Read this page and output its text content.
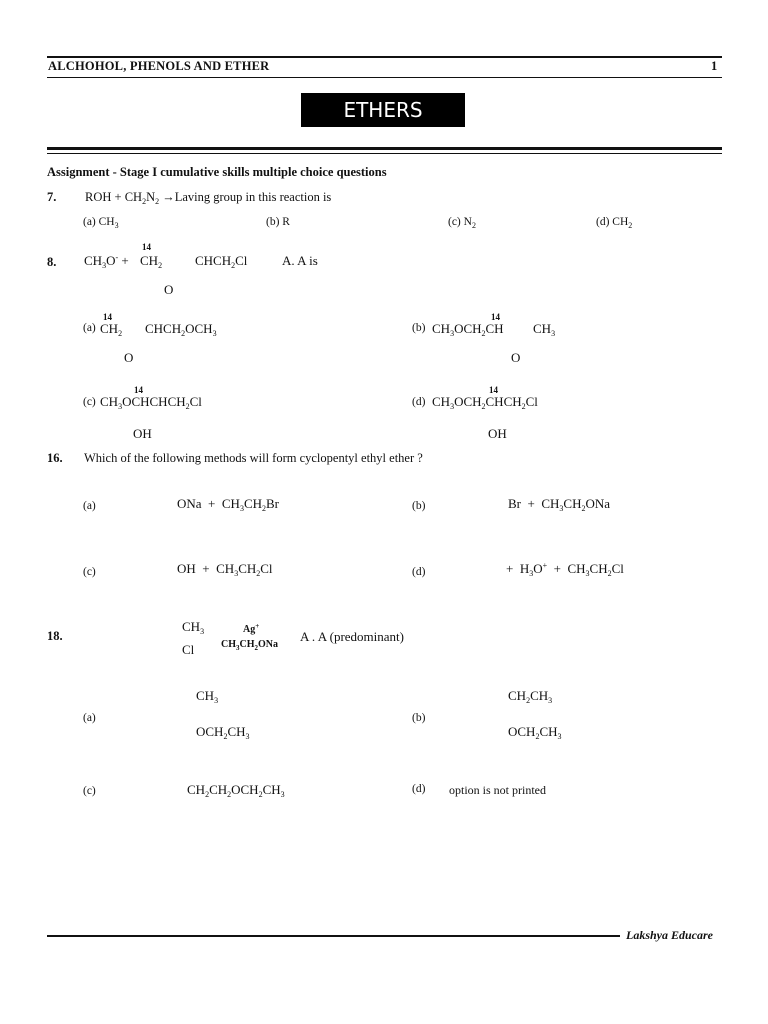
ALCHOHOL, PHENOLS AND ETHER	1
ETHERS
Assignment - Stage I cumulative skills multiple choice questions
7. ROH + $CH_2N_2$ →Laving group in this reaction is
(a) $CH_3$	(b) R	(c) $N_2$	(d) $CH_2$
8. $CH_3O^-$ +
14
$CH_2$	$CHCH_2Cl$
O
A. A is
(a)
14
$CH_2$ $CHCH_2OCH_3$
O
(b)
14
$CH_3OCH_2CH$ $CH_3$
O
(c)
14
$CH_3OCHCHCH_2Cl$
OH
(d)
14
$CH_3OCH_2CHCH_2Cl$
OH
16. Which of the following methods will form cyclopentyl ethyl ether ?
(a)	ONa + $CH_3CH_2Br$	(b)	$Br + CH_3CH_2ONa$
(c)	OH + $CH_3CH_2Cl$	(d)	+ $H_3O^+ + CH_3CH_2Cl$
18.
$CH_3$
Cl
Ag+
$CH_3CH_2ONa$
A . A (predominant)
(a)
$CH_3$
$OCH_2CH_3$
(b)
$CH_2CH_3$
$OCH_2CH_3$
(c)	$CH_2CH_2OCH_2CH_3$	(d) option is not printed
Lakshya Educare
